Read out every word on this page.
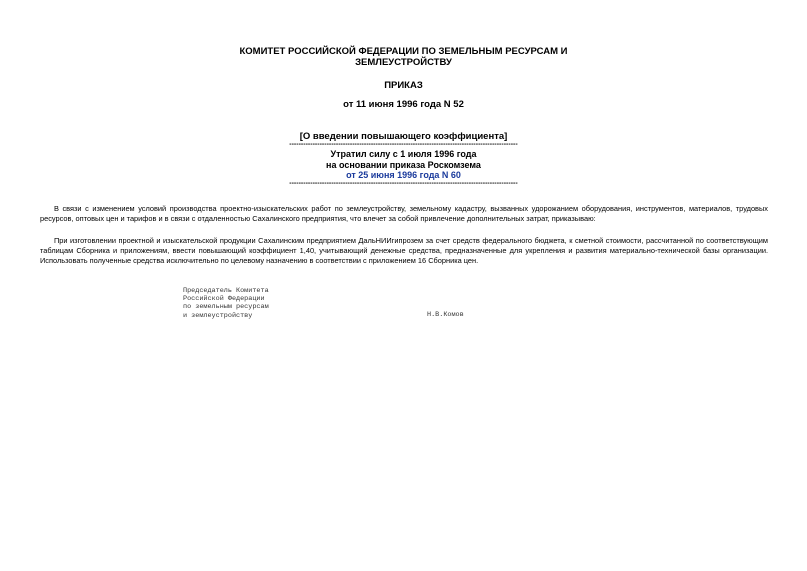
КОМИТЕТ РОССИЙСКОЙ ФЕДЕРАЦИИ ПО ЗЕМЕЛЬНЫМ РЕСУРСАМ И
ЗЕМЛЕУСТРОЙСТВУ
ПРИКАЗ
от 11 июня 1996 года N 52
[О введении повышающего коэффициента]
--------------------------------------------------------------------------------------------------
Утратил силу с 1 июля 1996 года
на основании приказа Роскомзема
от 25 июня 1996 года N 60
--------------------------------------------------------------------------------------------------

В связи с изменением условий производства проектно-изыскательских работ по землеустройству, земельному кадастру, вызванных удорожанием оборудования, инструментов, материалов, трудовых ресурсов, оптовых цен и тарифов и в связи с отдаленностью Сахалинского предприятия, что влечет за собой привлечение дополнительных затрат, приказываю:

При изготовлении проектной и изыскательской продукции Сахалинским предприятием ДальНИИгипрозем за счет средств федерального бюджета, к сметной стоимости, рассчитанной по соответствующим таблицам Сборника и приложениям, ввести повышающий коэффициент 1,40, учитывающий денежные средства, предназначенные для укрепления и развития материально-технической базы организации. Использовать полученные средства исключительно по целевому назначению в соответствии с приложением 16 Сборника цен.

Председатель Комитета
Российской Федерации
по земельным ресурсам
и землеустройству	Н.В.Комов
